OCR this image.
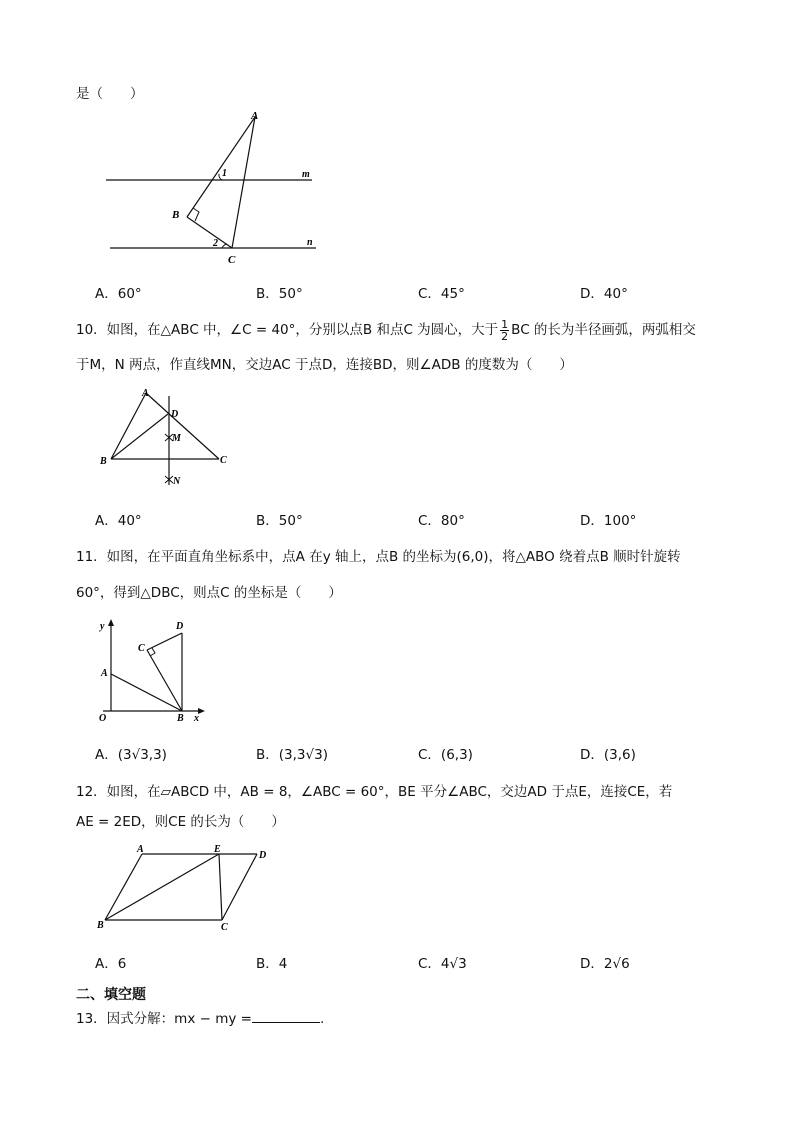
是（　　）
A
B
C
1
2
m
n
A．60°	B．50°	C．45°	D．40°
10．如图，在△ABC 中，∠C = 40°，分别以点B 和点C 为圆心，大于 $\frac{1}{2}$ BC 的长为半径画弧，两弧相交
于M，N 两点，作直线MN，交边AC 于点D，连接BD，则∠ADB 的度数为（　　）
A
D
M
B	C
N
A．40°	B．50°	C．80°	D．100°
11．如图，在平面直角坐标系中，点A 在y 轴上，点B 的坐标为(6,0)，将△ABO 绕着点B 顺时针旋转
60°，得到△DBC，则点C 的坐标是（　　）
y
x
O
A
B
C
D
A．(3√3,3)	B．(3,3√3)	C．(6,3)	D．(3,6)
12．如图，在▱ABCD 中，AB = 8，∠ABC = 60°，BE 平分∠ABC，交边AD 于点E，连接CE，若
AE = 2ED，则CE 的长为（　　）
A	E
D
B	C
A．6	B．4	C．4√3	D．2√6
二、填空题
13．因式分解：mx − my =	.
